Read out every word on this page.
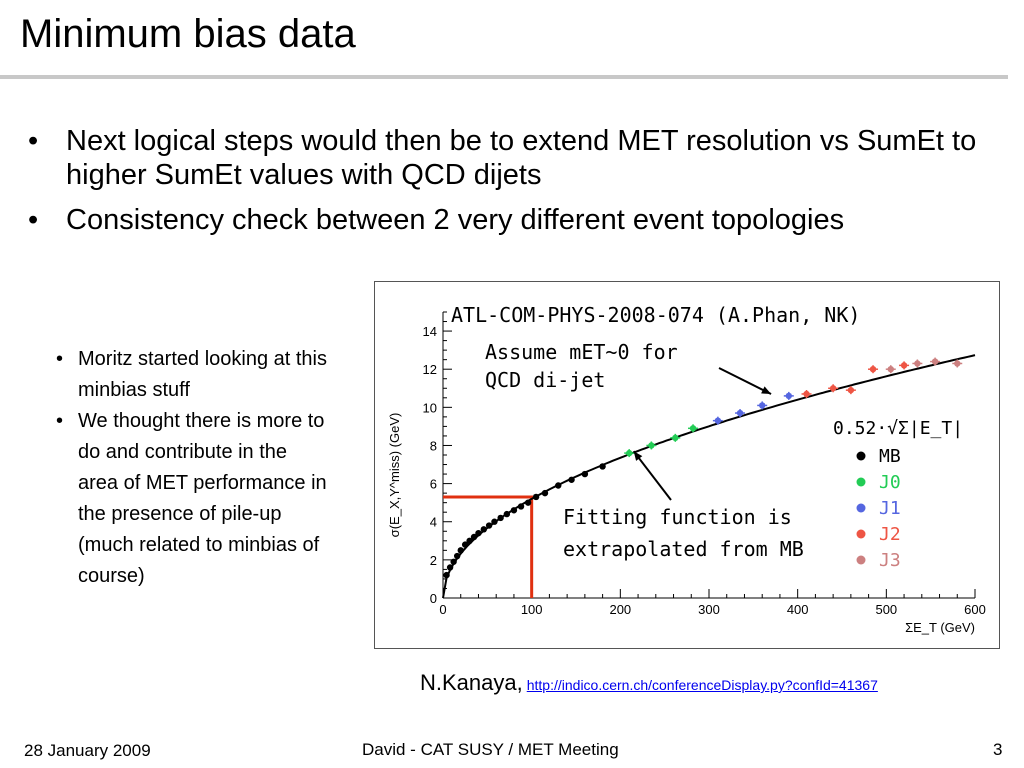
Minimum bias data
• Next logical steps would then be to extend MET resolution vs SumEt to higher SumEt values with QCD dijets
• Consistency check between 2 very different event topologies
• Moritz started looking at this minbias stuff
• We thought there is more to do and contribute in the area of MET performance in the presence of pile-up (much related to minbias of course)
ATL-COM-PHYS-2008-074 (A.Phan, NK)
σ(E_X,Y^miss) (GeV)
ΣE_T (GeV)
0.52·√Σ|E_T|
0	100	200	300	400	500	600
0
2
4
6
8
10
12
14
Assume mET~0 for
QCD di-jet
Fitting function is
extrapolated from MB
MB
J0
J1
J2
J3
N.Kanaya, http://indico.cern.ch/conferenceDisplay.py?confId=41367
28 January 2009	David - CAT SUSY / MET Meeting	3
